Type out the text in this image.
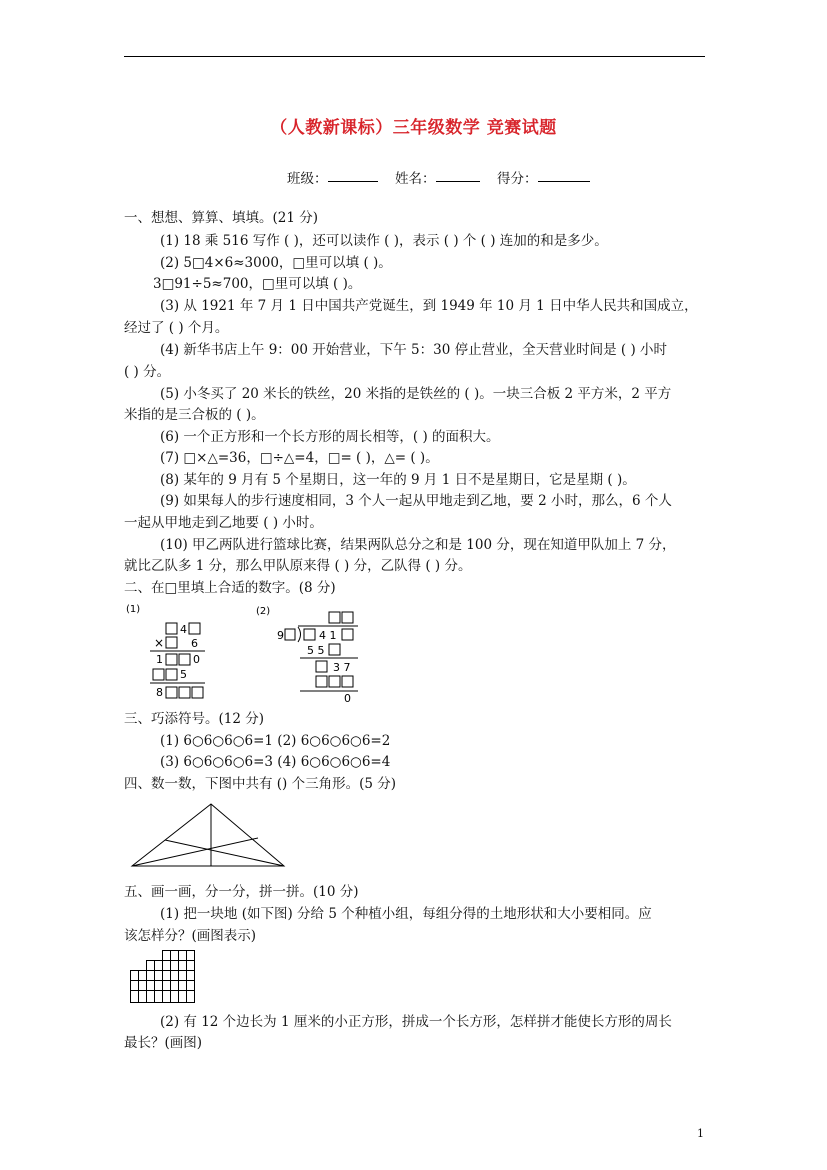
（人教新课标）三年级数学 竞赛试题
班级：	姓名：	得分：
一、想想、算算、填填。(21 分)
(1) 18 乘 516 写作 ( )，还可以读作 ( )，表示 ( ) 个 ( ) 连加的和是多少。
(2) 5□4×6≈3000，□里可以填 ( )。
3□91÷5≈700，□里可以填 ( )。
(3) 从 1921 年 7 月 1 日中国共产党诞生，到 1949 年 10 月 1 日中华人民共和国成立，
经过了 ( ) 个月。
(4) 新华书店上午 9：00 开始营业，下午 5：30 停止营业，全天营业时间是 ( ) 小时
( ) 分。
(5) 小冬买了 20 米长的铁丝，20 米指的是铁丝的 ( )。一块三合板 2 平方米，2 平方
米指的是三合板的 ( )。
(6) 一个正方形和一个长方形的周长相等，( ) 的面积大。
(7) □×△=36，□÷△=4，□= ( )，△= ( )。
(8) 某年的 9 月有 5 个星期日，这一年的 9 月 1 日不是星期日，它是星期 ( )。
(9) 如果每人的步行速度相同，3 个人一起从甲地走到乙地，要 2 小时，那么，6 个人
一起从甲地走到乙地要 ( ) 小时。
(10) 甲乙两队进行篮球比赛，结果两队总分之和是 100 分，现在知道甲队加上 7 分，
就比乙队多 1 分，那么甲队原来得 ( ) 分，乙队得 ( ) 分。
二、在□里填上合适的数字。(8 分)
(1)
4
× 6
1	0
5
8
(2)
9	4 1
5 5
3 7
0
三、巧添符号。(12 分)
(1) 6○6○6○6=1 (2) 6○6○6○6=2
(3) 6○6○6○6=3 (4) 6○6○6○6=4
四、数一数，下图中共有 () 个三角形。(5 分)
五、画一画，分一分，拼一拼。(10 分)
(1) 把一块地 (如下图) 分给 5 个种植小组，每组分得的土地形状和大小要相同。应
该怎样分？(画图表示)
(2) 有 12 个边长为 1 厘米的小正方形，拼成一个长方形，怎样拼才能使长方形的周长
最长？(画图)
1
